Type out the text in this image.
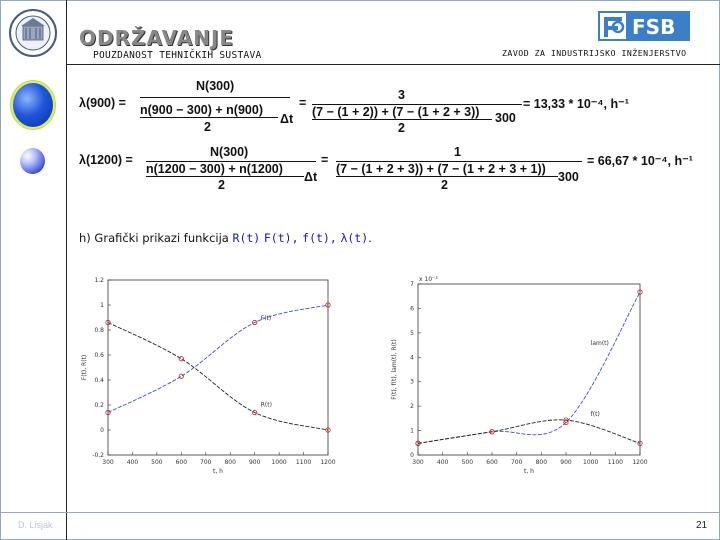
ODRŽAVANJE
POUZDANOST TEHNIČKIH SUSTAVA	ZAVOD ZA INDUSTRIJSKO INŽENJERSTVO
FSB
λ(900) =
N(300)
n(900 − 300) + n(900)
2
Δt
=
3
(7 − (1 + 2)) + (7 − (1 + 2 + 3))
2
300
= 13,33 * 10⁻⁴, h⁻¹
λ(1200) =
N(300)
n(1200 − 300) + n(1200)
2
Δt
=
1
(7 − (1 + 2 + 3)) + (7 − (1 + 2 + 3 + 1))
2
300
= 66,67 * 10⁻⁴, h⁻¹
h) Grafički prikazi funkcija R(t) F(t), f(t), λ(t).
300 400 500 600 700 800 900 1000 1100 1200
-0.2
0
0.2
0.4
0.6
0.8
1
1.2
t, h
F(t), R(t)
F(t)
R(t)
300 400 500 600 700 800 900 1000 1100 1200
0
1
2
3
4
5
6
7
t, h
F(t), f(t), lam(t), R(t)
x 10⁻³
lam(t)
f(t)
D. Lisjak	21
